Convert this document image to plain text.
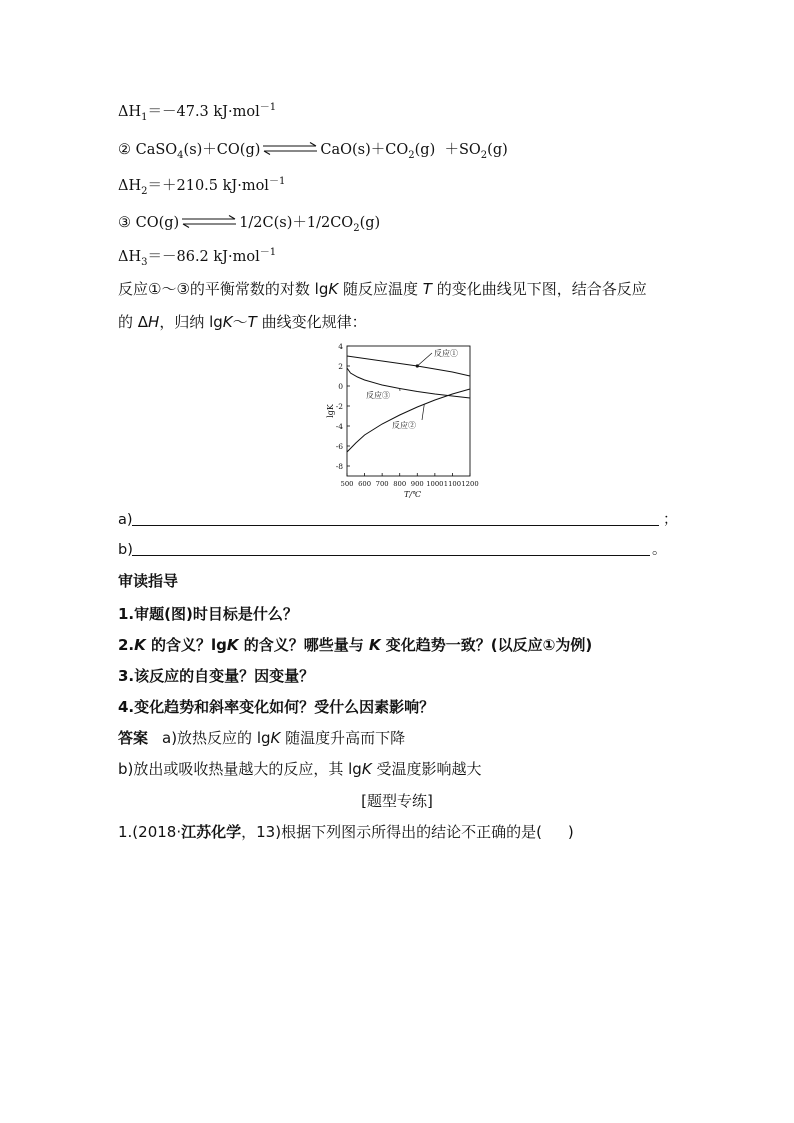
$\Delta H_1=-47.3$ kJ·mol$^{-1}$
② CaSO$_4$(s)＋CO(g) ⇌ $CaO(s)+CO_2(g) +SO_2(g)$
$\Delta H_2=+210.5$ kJ·mol$^{-1}$
③ CO(g) ⇌ $1/2C(s)+1/2CO_2(g)$
$\Delta H_3=-86.2$ kJ·mol$^{-1}$
反应①～③的平衡常数的对数 lgK 随反应温度 T 的变化曲线见下图，结合各反应
的 ΔH，归纳 lgK～T 曲线变化规律：
4
2
0
-2
-4
-6
-8
500 600 700 800 900 1000 1100 1200
T/℃
lgK
反应①
反应③
反应②
a)	；
b)	。
审读指导
1.审题(图)时目标是什么？
2.K 的含义？lgK 的含义？哪些量与 K 变化趋势一致？(以反应①为例)
3.该反应的自变量？因变量？
4.变化趋势和斜率变化如何？受什么因素影响？
答案 a)放热反应的 lgK 随温度升高而下降
b)放出或吸收热量越大的反应，其 lgK 受温度影响越大
[题型专练]
1.(2018·江苏化学，13)根据下列图示所得出的结论不正确的是( )
